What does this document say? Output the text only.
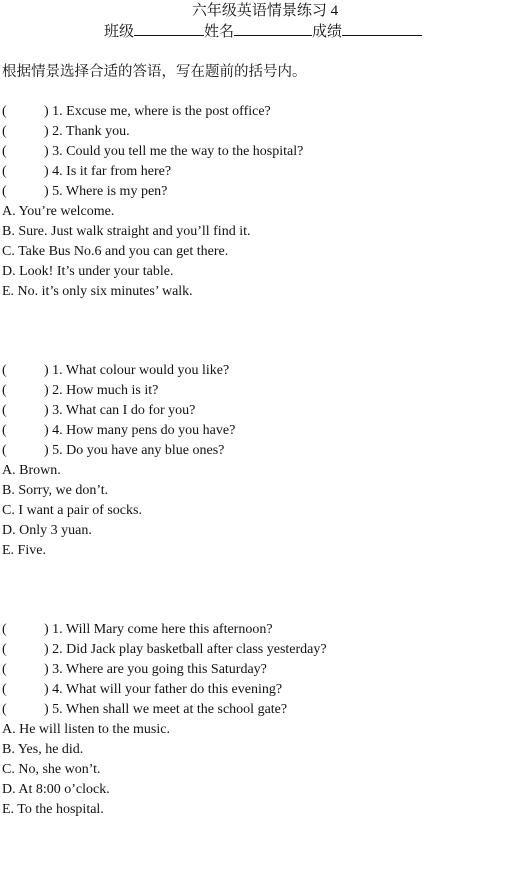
六年级英语情景练习 4
班级	姓名	成绩
根据情景选择合适的答语，写在题前的括号内。
(	) 1. Excuse me, where is the post office?
(	) 2. Thank you.
(	) 3. Could you tell me the way to the hospital?
(	) 4. Is it far from here?
(	) 5. Where is my pen?
A. You’re welcome.
B. Sure. Just walk straight and you’ll find it.
C. Take Bus No.6 and you can get there.
D. Look! It’s under your table.
E. No. it’s only six minutes’ walk.
(	) 1. What colour would you like?
(	) 2. How much is it?
(	) 3. What can I do for you?
(	) 4. How many pens do you have?
(	) 5. Do you have any blue ones?
A. Brown.
B. Sorry, we don’t.
C. I want a pair of socks.
D. Only 3 yuan.
E. Five.
(	) 1. Will Mary come here this afternoon?
(	) 2. Did Jack play basketball after class yesterday?
(	) 3. Where are you going this Saturday?
(	) 4. What will your father do this evening?
(	) 5. When shall we meet at the school gate?
A. He will listen to the music.
B. Yes, he did.
C. No, she won’t.
D. At 8:00 o’clock.
E. To the hospital.
